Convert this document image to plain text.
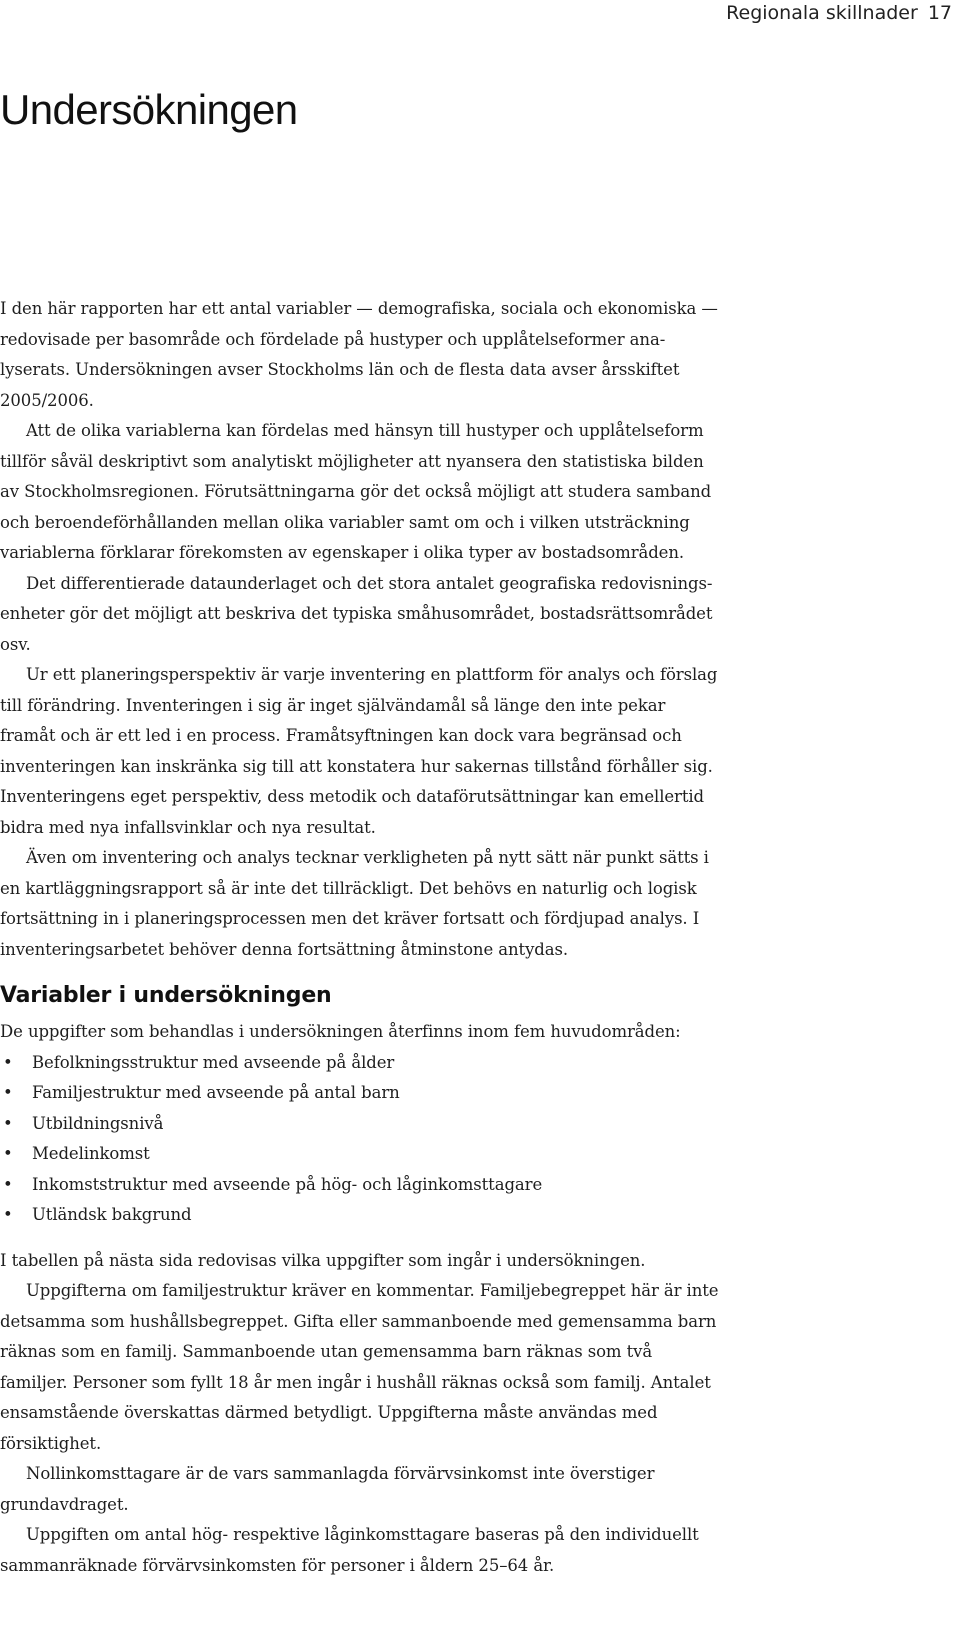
Regionala skillnader 17
Undersökningen

I den här rapporten har ett antal variabler — demografiska, sociala och ekonomiska — redovisade per basområde och fördelade på hustyper och upplåtelseformer analyserats. Undersökningen avser Stockholms län och de flesta data avser årsskiftet 2005/2006.

Att de olika variablerna kan fördelas med hänsyn till hustyper och upplåtelseform tillför såväl deskriptivt som analytiskt möjligheter att nyansera den statistiska bilden av Stockholmsregionen. Förutsättningarna gör det också möjligt att studera samband och beroendeförhållanden mellan olika variabler samt om och i vilken utsträckning variablerna förklarar förekomsten av egenskaper i olika typer av bostadsområden.

Det differentierade dataunderlaget och det stora antalet geografiska redovisningsenheter gör det möjligt att beskriva det typiska småhusområdet, bostadsrättsområdet osv.

Ur ett planeringsperspektiv är varje inventering en plattform för analys och förslag till förändring. Inventeringen i sig är inget självändamål så länge den inte pekar framåt och är ett led i en process. Framåtsyftningen kan dock vara begränsad och inventeringen kan inskränka sig till att konstatera hur sakernas tillstånd förhåller sig. Inventeringens eget perspektiv, dess metodik och dataförutsättningar kan emellertid bidra med nya infallsvinklar och nya resultat.

Även om inventering och analys tecknar verkligheten på nytt sätt när punkt sätts i en kartläggningsrapport så är inte det tillräckligt. Det behövs en naturlig och logisk fortsättning in i planeringsprocessen men det kräver fortsatt och fördjupad analys. I inventeringsarbetet behöver denna fortsättning åtminstone antydas.

Variabler i undersökningen

De uppgifter som behandlas i undersökningen återfinns inom fem huvudområden:

• Befolkningsstruktur med avseende på ålder
• Familjestruktur med avseende på antal barn
• Utbildningsnivå
• Medelinkomst
• Inkomststruktur med avseende på hög- och låginkomsttagare
• Utländsk bakgrund

I tabellen på nästa sida redovisas vilka uppgifter som ingår i undersökningen.

Uppgifterna om familjestruktur kräver en kommentar. Familjebegreppet här är inte detsamma som hushållsbegreppet. Gifta eller sammanboende med gemensamma barn räknas som en familj. Sammanboende utan gemensamma barn räknas som två familjer. Personer som fyllt 18 år men ingår i hushåll räknas också som familj. Antalet ensamstående överskattas därmed betydligt. Uppgifterna måste användas med försiktighet.

Nollinkomsttagare är de vars sammanlagda förvärvsinkomst inte överstiger grundavdraget.

Uppgiften om antal hög- respektive låginkomsttagare baseras på den individuellt sammanräknade förvärvsinkomsten för personer i åldern 25–64 år.
